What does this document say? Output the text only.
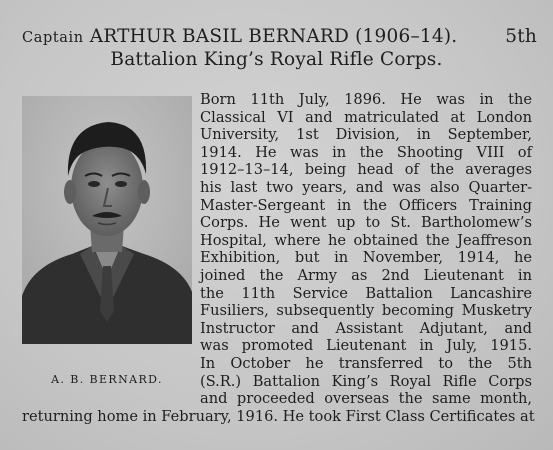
Captain ARTHUR BASIL BERNARD (1906–14).	5th
Battalion King’s Royal Rifle Corps.
A. B. BERNARD.
Born 11th July, 1896. He was in the
Classical VI and matriculated at London
University, 1st Division, in September,
1914. He was in the Shooting VIII of
1912–13–14, being head of the averages
his last two years, and was also Quarter-
Master-Sergeant in the Officers Training
Corps. He went up to St. Bartholomew’s
Hospital, where he obtained the Jeaffreson
Exhibition, but in November, 1914, he
joined the Army as 2nd Lieutenant in
the 11th Service Battalion Lancashire
Fusiliers, subsequently becoming Musketry
Instructor and Assistant Adjutant, and
was promoted Lieutenant in July, 1915.
In October he transferred to the 5th
(S.R.) Battalion King’s Royal Rifle Corps
and proceeded overseas the same month,
returning home in February, 1916. He took First Class Certificates at
